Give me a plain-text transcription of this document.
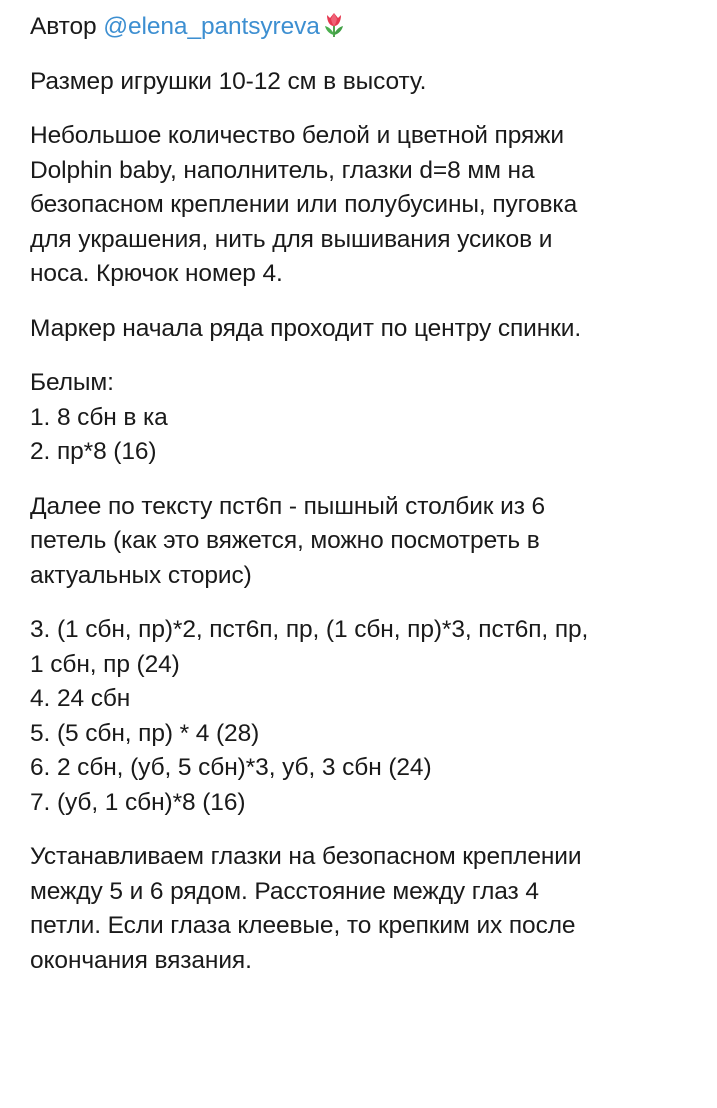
Автор @elena_pantsyreva
Размер игрушки 10-12 см в высоту.
Небольшое количество белой и цветной пряжи
Dolphin baby, наполнитель, глазки d=8 мм на
безопасном креплении или полубусины, пуговка
для украшения, нить для вышивания усиков и
носа. Крючок номер 4.
Маркер начала ряда проходит по центру спинки.
Белым:
1. 8 сбн в ка
2. пр*8 (16)
Далее по тексту пст6п - пышный столбик из 6
петель (как это вяжется, можно посмотреть в
актуальных сторис)
3. (1 сбн, пр)*2, пст6п, пр, (1 сбн, пр)*3, пст6п, пр,
1 сбн, пр (24)
4. 24 сбн
5. (5 сбн, пр) * 4 (28)
6. 2 сбн, (уб, 5 сбн)*3, уб, 3 сбн (24)
7. (уб, 1 сбн)*8 (16)
Устанавливаем глазки на безопасном креплении
между 5 и 6 рядом. Расстояние между глаз 4
петли. Если глаза клеевые, то крепким их после
окончания вязания.
